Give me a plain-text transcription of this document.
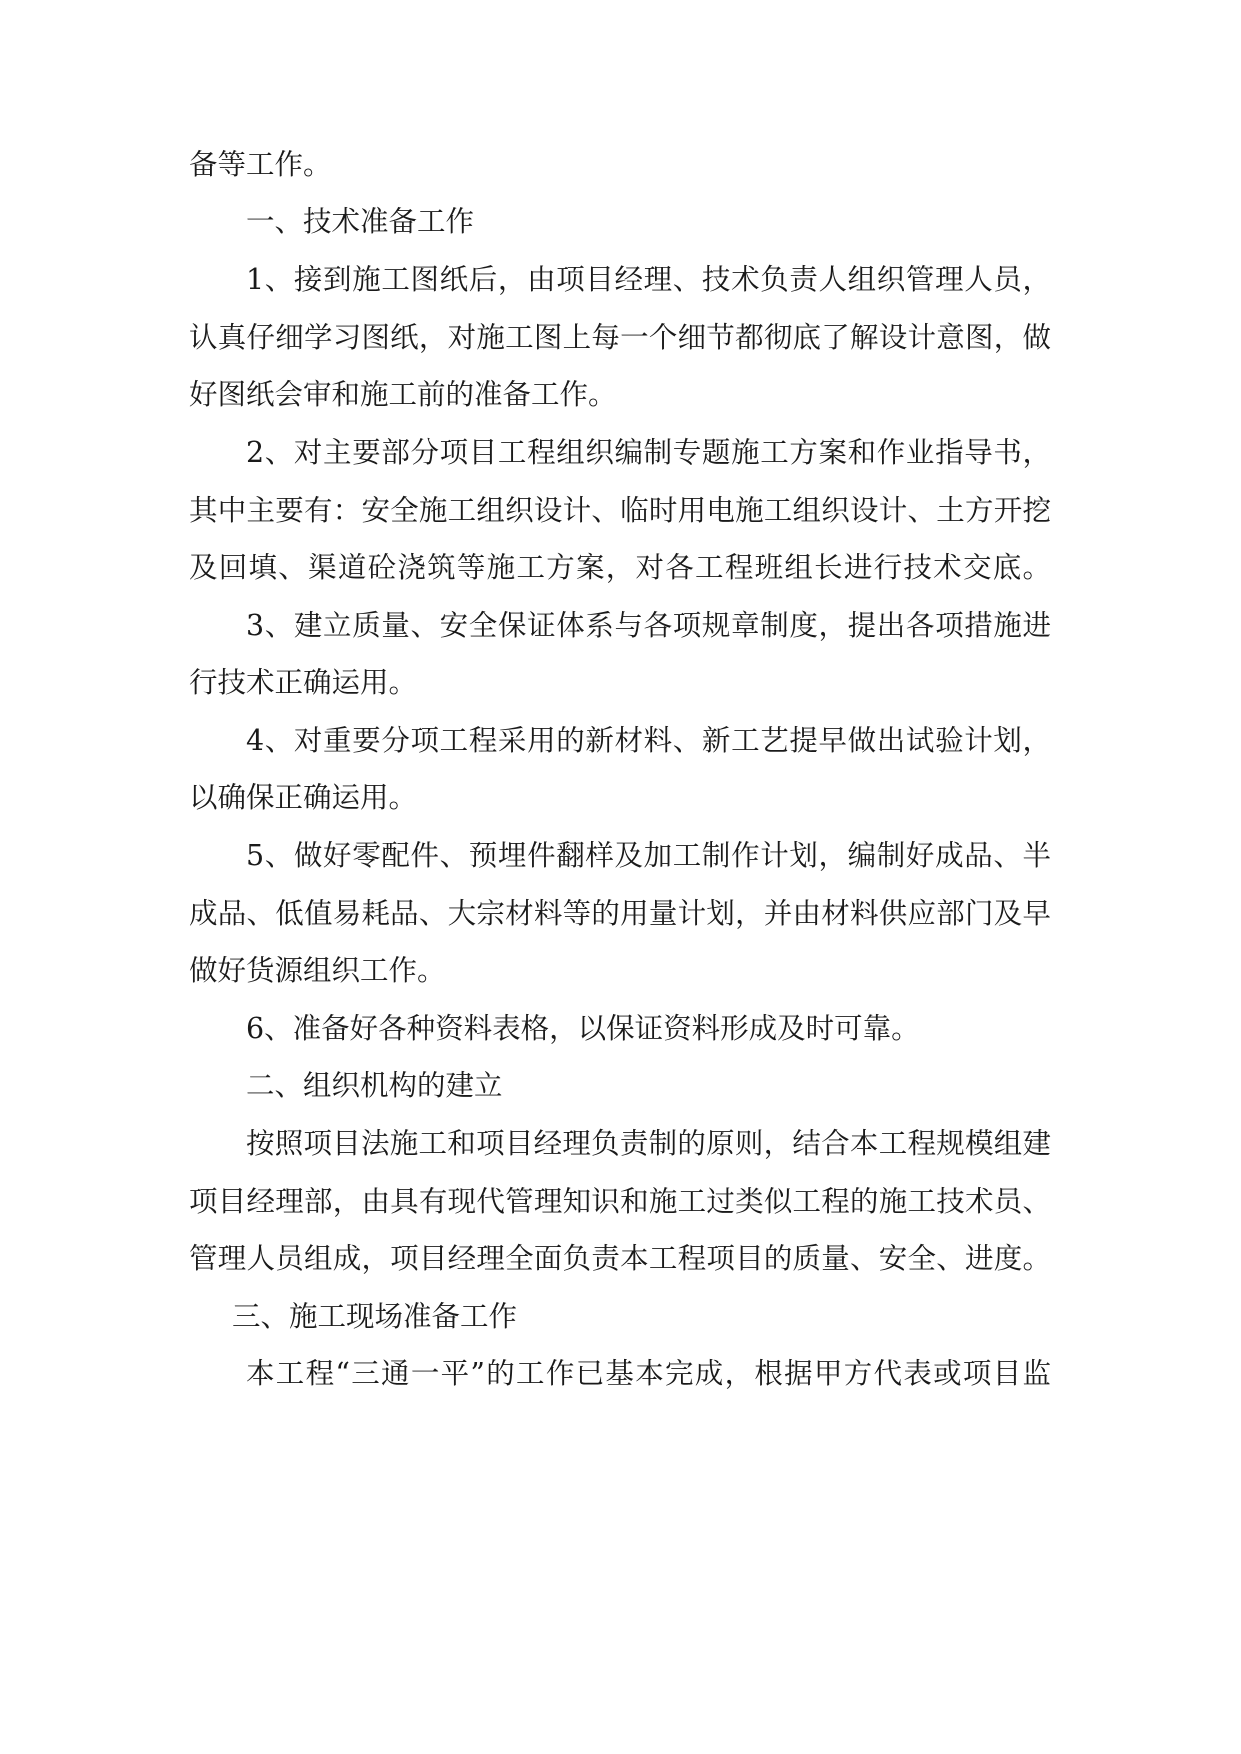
备等工作。
一、技术准备工作
1、接到施工图纸后，由项目经理、技术负责人组织管理人员，
认真仔细学习图纸，对施工图上每一个细节都彻底了解设计意图，做
好图纸会审和施工前的准备工作。
2、对主要部分项目工程组织编制专题施工方案和作业指导书，
其中主要有：安全施工组织设计、临时用电施工组织设计、土方开挖
及回填、渠道砼浇筑等施工方案，对各工程班组长进行技术交底。
3、建立质量、安全保证体系与各项规章制度，提出各项措施进
行技术正确运用。
4、对重要分项工程采用的新材料、新工艺提早做出试验计划，
以确保正确运用。
5、做好零配件、预埋件翻样及加工制作计划，编制好成品、半
成品、低值易耗品、大宗材料等的用量计划，并由材料供应部门及早
做好货源组织工作。
6、准备好各种资料表格，以保证资料形成及时可靠。
二、组织机构的建立
按照项目法施工和项目经理负责制的原则，结合本工程规模组建
项目经理部，由具有现代管理知识和施工过类似工程的施工技术员、
管理人员组成，项目经理全面负责本工程项目的质量、安全、进度。
三、施工现场准备工作
本工程“三通一平”的工作已基本完成，根据甲方代表或项目监
